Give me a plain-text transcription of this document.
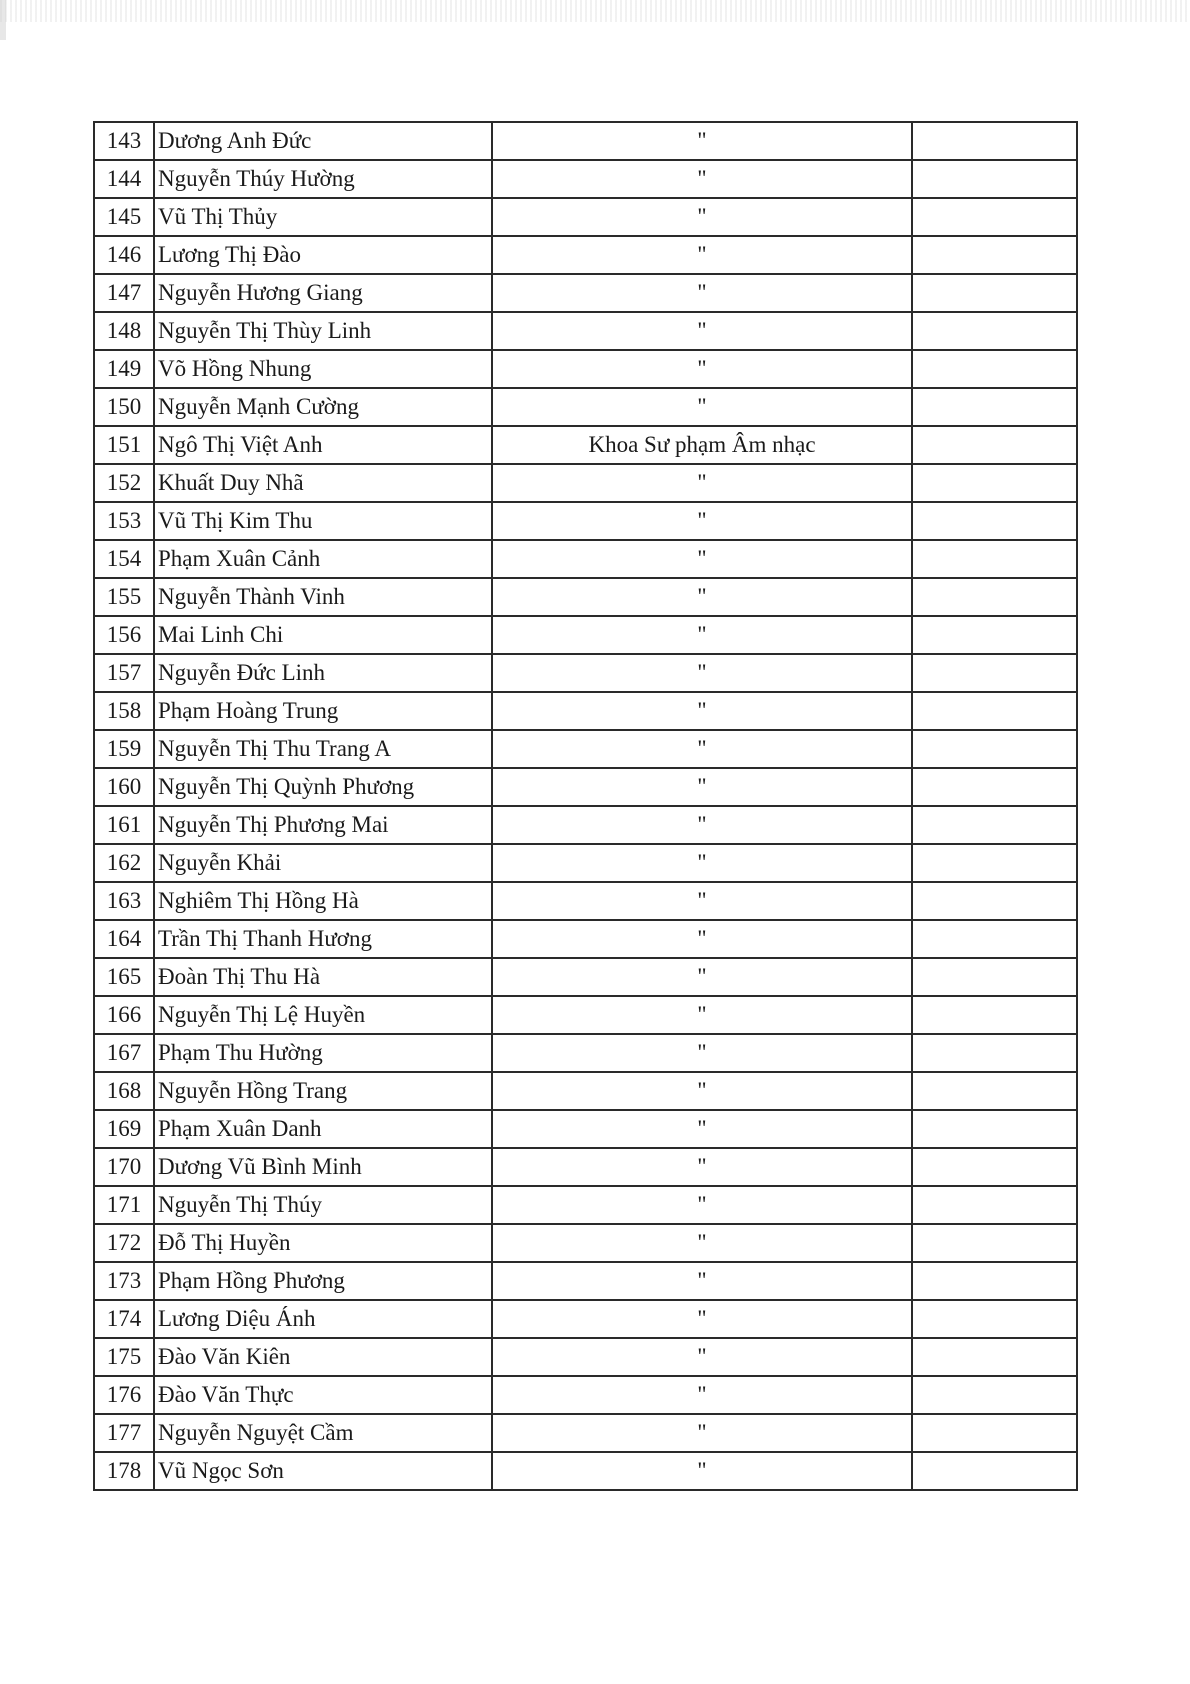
143	Dương Anh Đức	"	
144	Nguyễn Thúy Hường	"	
145	Vũ Thị Thủy	"	
146	Lương Thị Đào	"	
147	Nguyễn Hương Giang	"	
148	Nguyễn Thị Thùy Linh	"	
149	Võ Hồng Nhung	"	
150	Nguyễn Mạnh Cường	"	
151	Ngô Thị Việt Anh	Khoa Sư phạm Âm nhạc	
152	Khuất Duy Nhã	"	
153	Vũ Thị Kim Thu	"	
154	Phạm Xuân Cảnh	"	
155	Nguyễn Thành Vinh	"	
156	Mai Linh Chi	"	
157	Nguyễn Đức Linh	"	
158	Phạm Hoàng Trung	"	
159	Nguyễn Thị Thu Trang A	"	
160	Nguyễn Thị Quỳnh Phương	"	
161	Nguyễn Thị Phương Mai	"	
162	Nguyễn Khải	"	
163	Nghiêm Thị Hồng Hà	"	
164	Trần Thị Thanh Hương	"	
165	Đoàn Thị Thu Hà	"	
166	Nguyễn Thị Lệ Huyền	"	
167	Phạm Thu Hường	"	
168	Nguyễn Hồng Trang	"	
169	Phạm Xuân Danh	"	
170	Dương Vũ Bình Minh	"	
171	Nguyễn Thị Thúy	"	
172	Đỗ Thị Huyền	"	
173	Phạm Hồng Phương	"	
174	Lương Diệu Ánh	"	
175	Đào Văn Kiên	"	
176	Đào Văn Thực	"	
177	Nguyễn Nguyệt Cầm	"	
178	Vũ Ngọc Sơn	"	
